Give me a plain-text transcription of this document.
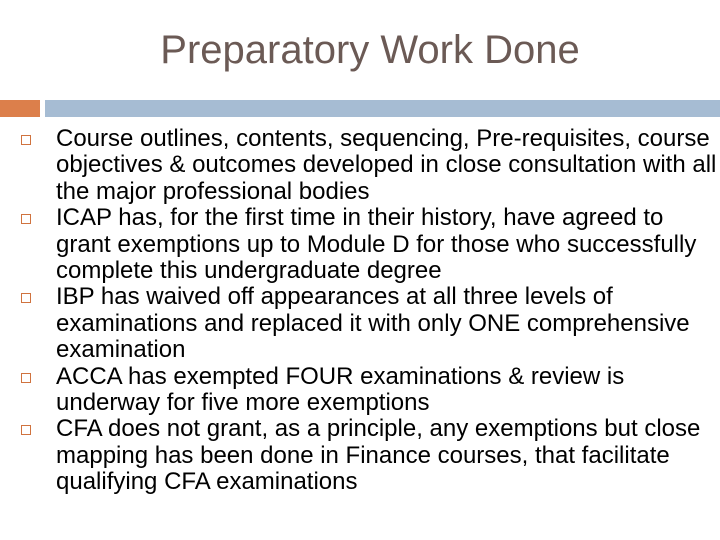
Preparatory Work Done
Course outlines, contents, sequencing, Pre-requisites, course objectives & outcomes developed in close consultation with all the major professional bodies
ICAP has, for the first time in their history, have agreed to grant exemptions up to Module D for those who successfully complete this undergraduate degree
IBP has waived off appearances at all three levels of examinations and replaced it with only ONE comprehensive examination
ACCA has exempted FOUR examinations & review is underway for five more exemptions
CFA does not grant, as a principle, any exemptions but close mapping has been done in Finance courses, that facilitate qualifying CFA examinations
